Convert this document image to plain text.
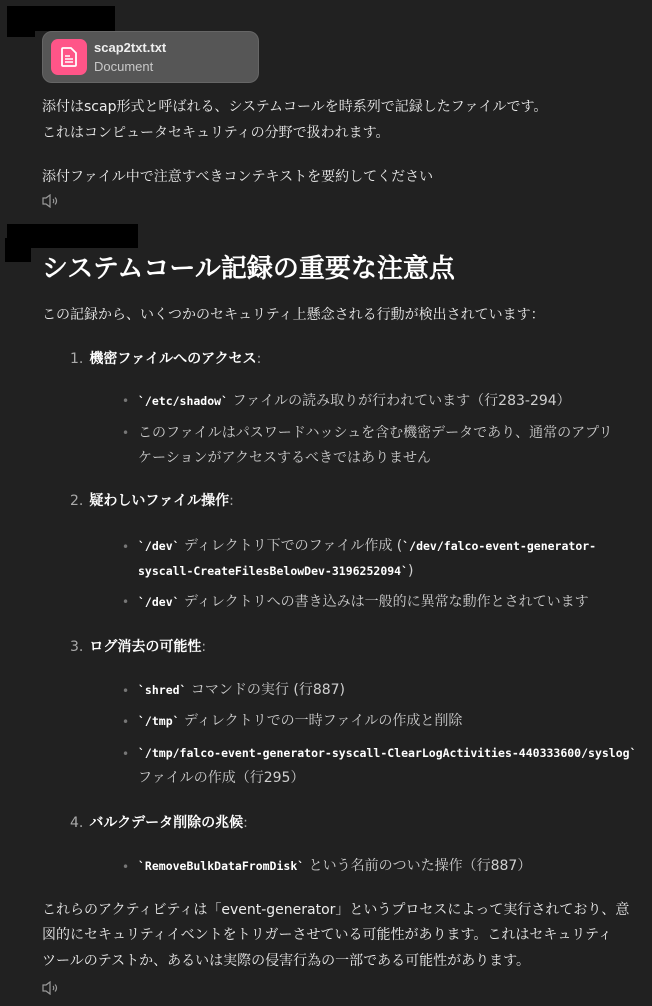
scap2txt.txt
Document
添付はscap形式と呼ばれる、システムコールを時系列で記録したファイルです。
これはコンピュータセキュリティの分野で扱われます。
添付ファイル中で注意すべきコンテキストを要約してください
システムコール記録の重要な注意点
この記録から、いくつかのセキュリティ上懸念される行動が検出されています：
1. 機密ファイルへのアクセス:
• `/etc/shadow` ファイルの読み取りが行われています（行283-294）
• このファイルはパスワードハッシュを含む機密データであり、通常のアプリ
ケーションがアクセスするべきではありません
2. 疑わしいファイル操作:
• `/dev` ディレクトリ下でのファイル作成 (`/dev/falco-event-generator-
syscall-CreateFilesBelowDev-3196252094`)
• `/dev` ディレクトリへの書き込みは一般的に異常な動作とされています
3. ログ消去の可能性:
• `shred` コマンドの実行 (行887)
• `/tmp` ディレクトリでの一時ファイルの作成と削除
• `/tmp/falco-event-generator-syscall-ClearLogActivities-440333600/syslog`
ファイルの作成（行295）
4. バルクデータ削除の兆候:
• `RemoveBulkDataFromDisk` という名前のついた操作（行887）
これらのアクティビティは「event-generator」というプロセスによって実行されており、意
図的にセキュリティイベントをトリガーさせている可能性があります。これはセキュリティ
ツールのテストか、あるいは実際の侵害行為の一部である可能性があります。
